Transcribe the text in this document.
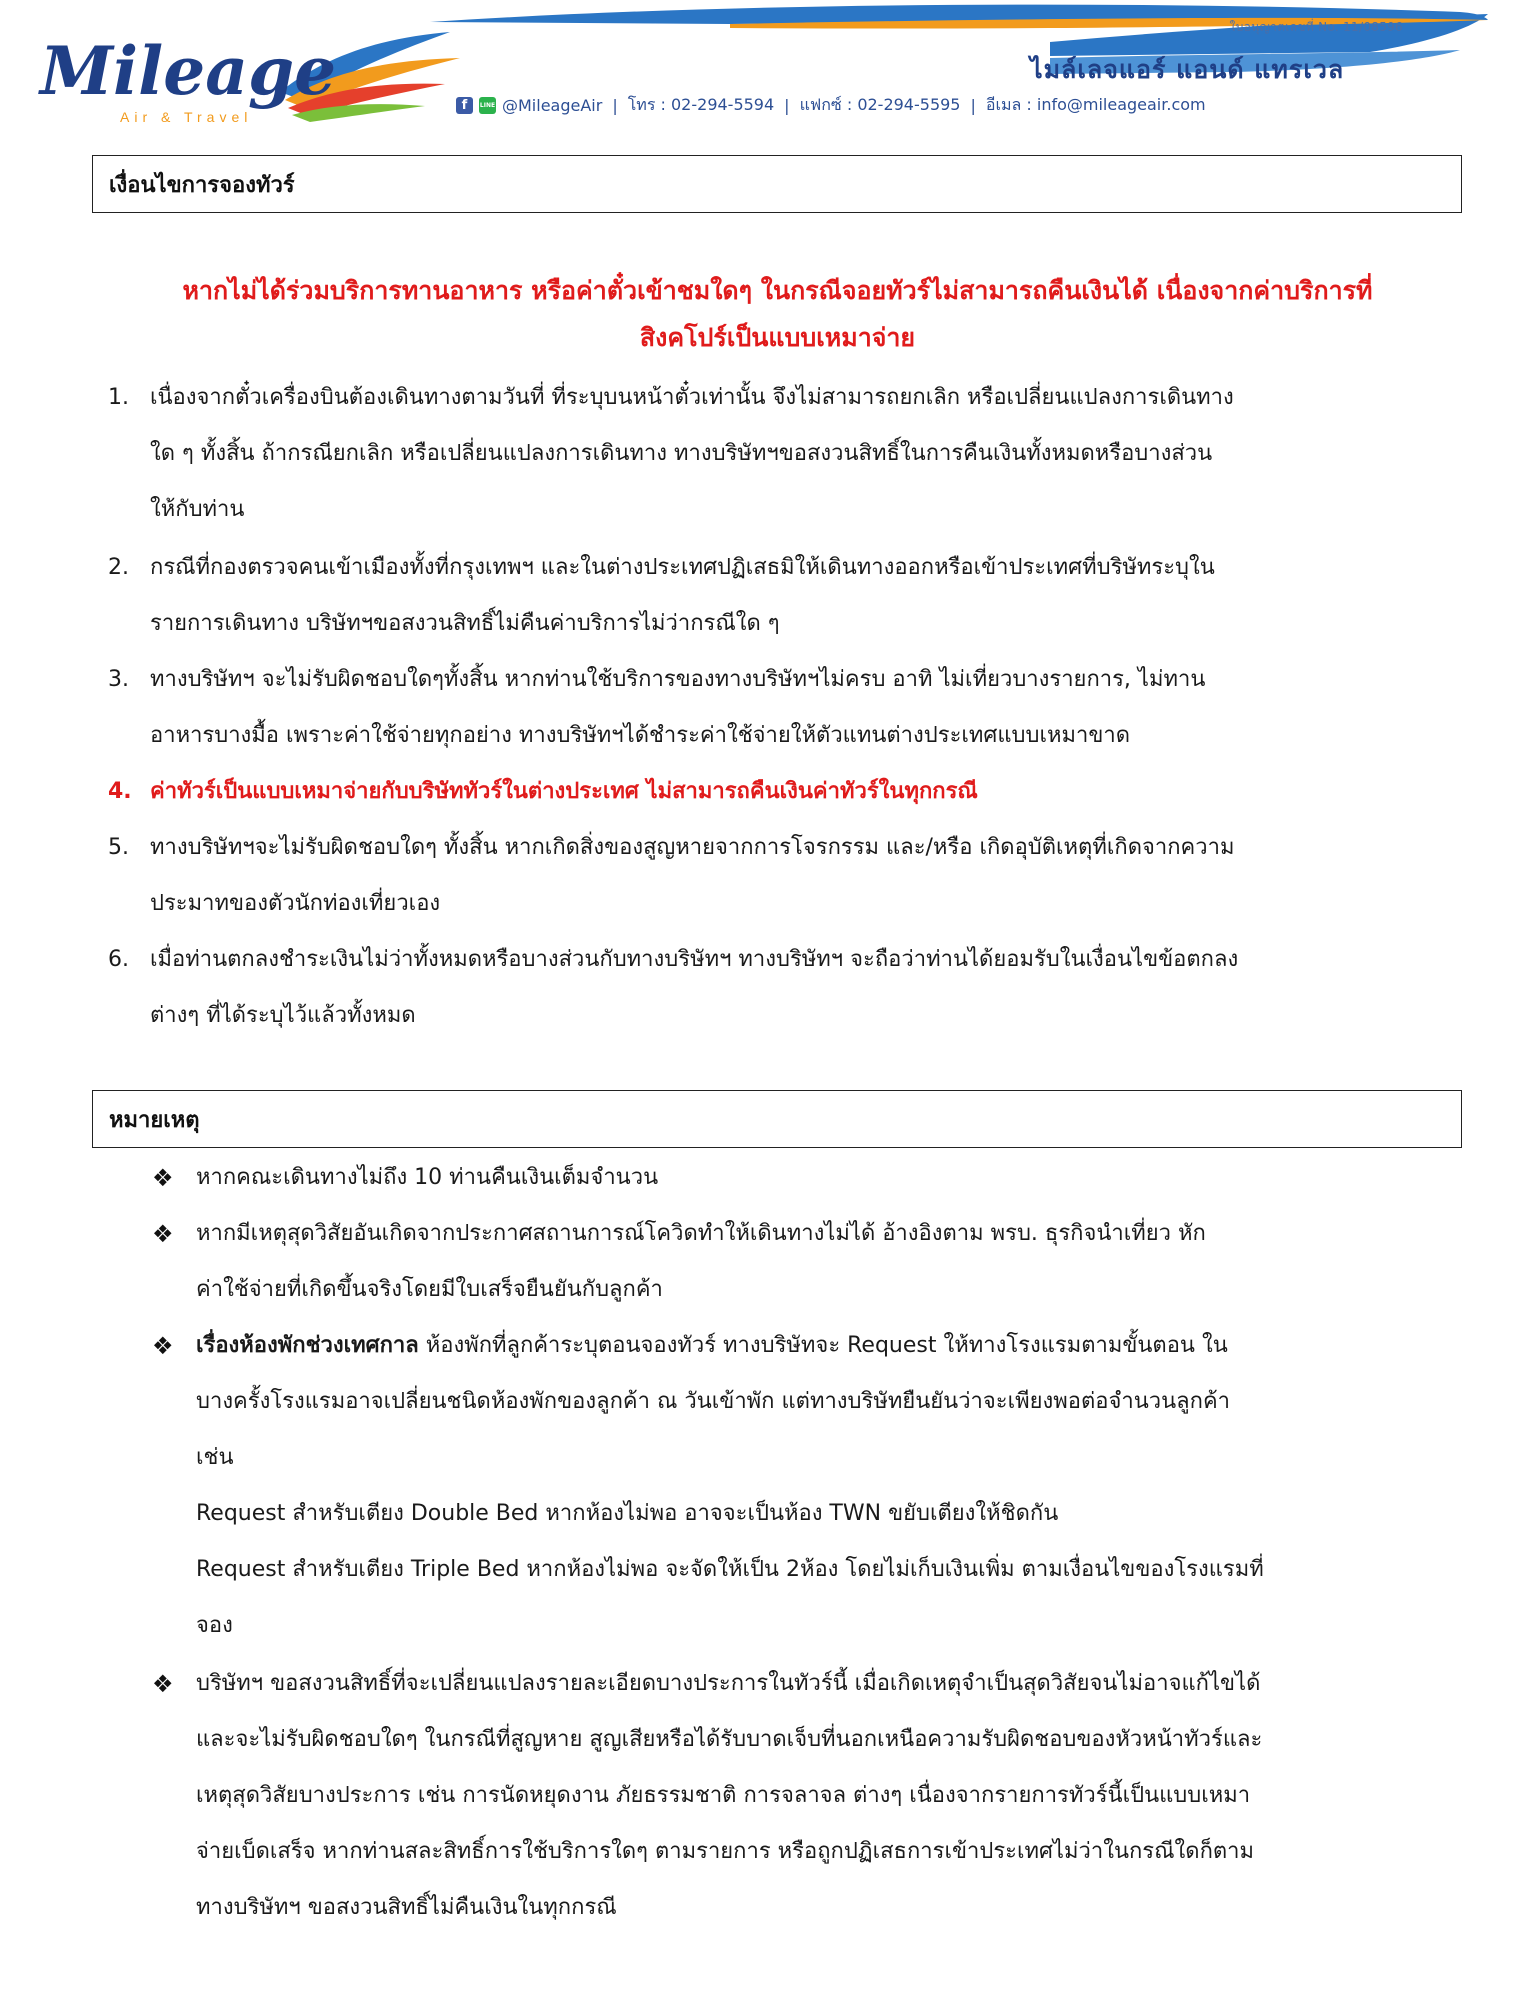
Mileage
Air & Travel
ใบอนุญาตเลขที่ No. 11/08596
ไมล์เลจแอร์ แอนด์ แทรเวล
f	LINE @MileageAir | โทร : 02-294-5594 | แฟกซ์ : 02-294-5595 | อีเมล : info@mileageair.com
เงื่อนไขการจองทัวร์
หากไม่ได้ร่วมบริการทานอาหาร หรือค่าตั๋วเข้าชมใดๆ ในกรณีจอยทัวร์ไม่สามารถคืนเงินได้ เนื่องจากค่าบริการที่
สิงคโปร์เป็นแบบเหมาจ่าย
1. เนื่องจากตั๋วเครื่องบินต้องเดินทางตามวันที่ ที่ระบุบนหน้าตั๋วเท่านั้น จึงไม่สามารถยกเลิก หรือเปลี่ยนแปลงการเดินทาง
ใด ๆ ทั้งสิ้น ถ้ากรณียกเลิก หรือเปลี่ยนแปลงการเดินทาง ทางบริษัทฯขอสงวนสิทธิ์ในการคืนเงินทั้งหมดหรือบางส่วน
ให้กับท่าน
2. กรณีที่กองตรวจคนเข้าเมืองทั้งที่กรุงเทพฯ และในต่างประเทศปฏิเสธมิให้เดินทางออกหรือเข้าประเทศที่บริษัทระบุใน
รายการเดินทาง บริษัทฯขอสงวนสิทธิ์ไม่คืนค่าบริการไม่ว่ากรณีใด ๆ
3. ทางบริษัทฯ จะไม่รับผิดชอบใดๆทั้งสิ้น หากท่านใช้บริการของทางบริษัทฯไม่ครบ อาทิ ไม่เที่ยวบางรายการ, ไม่ทาน
อาหารบางมื้อ เพราะค่าใช้จ่ายทุกอย่าง ทางบริษัทฯได้ชำระค่าใช้จ่ายให้ตัวแทนต่างประเทศแบบเหมาขาด
4. ค่าทัวร์เป็นแบบเหมาจ่ายกับบริษัททัวร์ในต่างประเทศ ไม่สามารถคืนเงินค่าทัวร์ในทุกกรณี
5. ทางบริษัทฯจะไม่รับผิดชอบใดๆ ทั้งสิ้น หากเกิดสิ่งของสูญหายจากการโจรกรรม และ/หรือ เกิดอุบัติเหตุที่เกิดจากความ
ประมาทของตัวนักท่องเที่ยวเอง
6. เมื่อท่านตกลงชำระเงินไม่ว่าทั้งหมดหรือบางส่วนกับทางบริษัทฯ ทางบริษัทฯ จะถือว่าท่านได้ยอมรับในเงื่อนไขข้อตกลง
ต่างๆ ที่ได้ระบุไว้แล้วทั้งหมด
หมายเหตุ
❖	หากคณะเดินทางไม่ถึง 10 ท่านคืนเงินเต็มจำนวน
❖	หากมีเหตุสุดวิสัยอันเกิดจากประกาศสถานการณ์โควิดทำให้เดินทางไม่ได้ อ้างอิงตาม พรบ. ธุรกิจนำเที่ยว หัก
ค่าใช้จ่ายที่เกิดขึ้นจริงโดยมีใบเสร็จยืนยันกับลูกค้า
❖	เรื่องห้องพักช่วงเทศกาล ห้องพักที่ลูกค้าระบุตอนจองทัวร์ ทางบริษัทจะ Request ให้ทางโรงแรมตามขั้นตอน ใน
บางครั้งโรงแรมอาจเปลี่ยนชนิดห้องพักของลูกค้า ณ วันเข้าพัก แต่ทางบริษัทยืนยันว่าจะเพียงพอต่อจำนวนลูกค้า
เช่น
Request สำหรับเตียง Double Bed หากห้องไม่พอ อาจจะเป็นห้อง TWN ขยับเตียงให้ชิดกัน
Request สำหรับเตียง Triple Bed หากห้องไม่พอ จะจัดให้เป็น 2ห้อง โดยไม่เก็บเงินเพิ่ม ตามเงื่อนไขของโรงแรมที่
จอง
❖	บริษัทฯ ขอสงวนสิทธิ์ที่จะเปลี่ยนแปลงรายละเอียดบางประการในทัวร์นี้ เมื่อเกิดเหตุจำเป็นสุดวิสัยจนไม่อาจแก้ไขได้
และจะไม่รับผิดชอบใดๆ ในกรณีที่สูญหาย สูญเสียหรือได้รับบาดเจ็บที่นอกเหนือความรับผิดชอบของหัวหน้าทัวร์และ
เหตุสุดวิสัยบางประการ เช่น การนัดหยุดงาน ภัยธรรมชาติ การจลาจล ต่างๆ เนื่องจากรายการทัวร์นี้เป็นแบบเหมา
จ่ายเบ็ดเสร็จ หากท่านสละสิทธิ์การใช้บริการใดๆ ตามรายการ หรือถูกปฏิเสธการเข้าประเทศไม่ว่าในกรณีใดก็ตาม
ทางบริษัทฯ ขอสงวนสิทธิ์ไม่คืนเงินในทุกกรณี
